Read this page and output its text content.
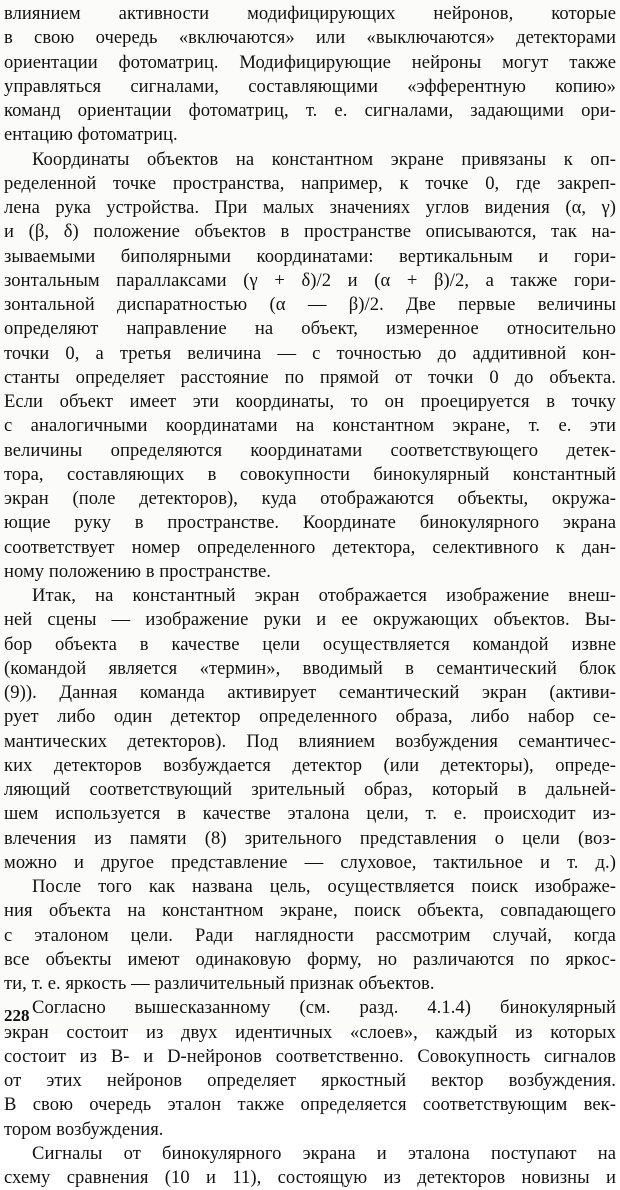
влиянием активности модифицирующих нейронов, которые
в свою очередь «включаются» или «выключаются» детекторами
ориентации фотоматриц. Модифицирующие нейроны могут также
управляться сигналами, составляющими «эфферентную копию»
команд ориентации фотоматриц, т. е. сигналами, задающими ори-
ентацию фотоматриц.
Координаты объектов на константном экране привязаны к оп-
ределенной точке пространства, например, к точке 0, где закреп-
лена рука устройства. При малых значениях углов видения (α, γ)
и (β, δ) положение объектов в пространстве описываются, так на-
зываемыми биполярными координатами: вертикальным и гори-
зонтальным параллаксами (γ + δ)/2 и (α + β)/2, а также гори-
зонтальной диспаратностью (α — β)/2. Две первые величины
определяют направление на объект, измеренное относительно
точки 0, а третья величина — с точностью до аддитивной кон-
станты определяет расстояние по прямой от точки 0 до объекта.
Если объект имеет эти координаты, то он проецируется в точку
с аналогичными координатами на константном экране, т. е. эти
величины определяются координатами соответствующего детек-
тора, составляющих в совокупности бинокулярный константный
экран (поле детекторов), куда отображаются объекты, окружа-
ющие руку в пространстве. Координате бинокулярного экрана
соответствует номер определенного детектора, селективного к дан-
ному положению в пространстве.
Итак, на константный экран отображается изображение внеш-
ней сцены — изображение руки и ее окружающих объектов. Вы-
бор объекта в качестве цели осуществляется командой извне
(командой является «термин», вводимый в семантический блок
(9)). Данная команда активирует семантический экран (активи-
рует либо один детектор определенного образа, либо набор се-
мантических детекторов). Под влиянием возбуждения семантичес-
ких детекторов возбуждается детектор (или детекторы), опреде-
ляющий соответствующий зрительный образ, который в дальней-
шем используется в качестве эталона цели, т. е. происходит из-
влечения из памяти (8) зрительного представления о цели (воз-
можно и другое представление — слуховое, тактильное и т. д.)
После того как названа цель, осуществляется поиск изображе-
ния объекта на константном экране, поиск объекта, совпадающего
с эталоном цели. Ради наглядности рассмотрим случай, когда
все объекты имеют одинаковую форму, но различаются по яркос-
ти, т. е. яркость — различительный признак объектов.
Согласно вышесказанному (см. разд. 4.1.4) бинокулярный
экран состоит из двух идентичных «слоев», каждый из которых
состоит из B- и D-нейронов соответственно. Совокупность сигналов
от этих нейронов определяет яркостный вектор возбуждения.
В свою очередь эталон также определяется соответствующим век-
тором возбуждения.
Сигналы от бинокулярного экрана и эталона поступают на
схему сравнения (10 и 11), состоящую из детекторов новизны и
228
